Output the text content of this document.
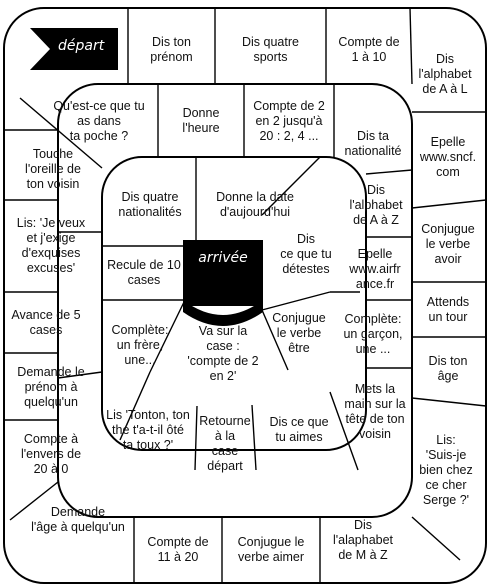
départ
arrivée
Dis ton
prénom
Dis quatre
sports
Compte de
1 à 10	Dis
l'alphabet
de A à L
Epelle
www.sncf.
com
Conjugue
le verbe
avoir
Attends
un tour
Dis ton
âge
Lis:
'Suis-je
bien chez
ce cher
Serge ?'
Dis
l'alaphabet
de M à Z
Conjugue le
verbe aimer
Compte de
11 à 20
Demande
l'âge à quelqu'un
Compte à
l'envers de
20 à 0
Demande le
prénom à
quelqu'un
Avance de 5
cases
Lis: 'Je veux
et j'exige
d'exquises
excuses'
Touche
l'oreille de
ton voisin
Qu'est-ce que tu
as dans
ta poche ?
Donne
l'heure
Compte de 2
en 2 jusqu'à
20 : 2, 4 ...	Dis ta
nationalité
Dis
l'alphabet
de A à Z
Epelle
www.airfr
ance.fr
Complète:
un garçon,
une ...
Mets la
main sur la
tête de ton
voisin
Dis ce que
tu aimes
Retourne
à la
case
départ
Lis 'Tonton, ton
thé t'a-t-il ôté
ta toux ?'
Complète:
un frère,
une...
Recule de 10
cases
Dis quatre
nationalités
Donne la date
d'aujourd'hui
Dis
ce que tu
détestes
Conjugue
le verbe
être
Va sur la
case :
'compte de 2
en 2'
